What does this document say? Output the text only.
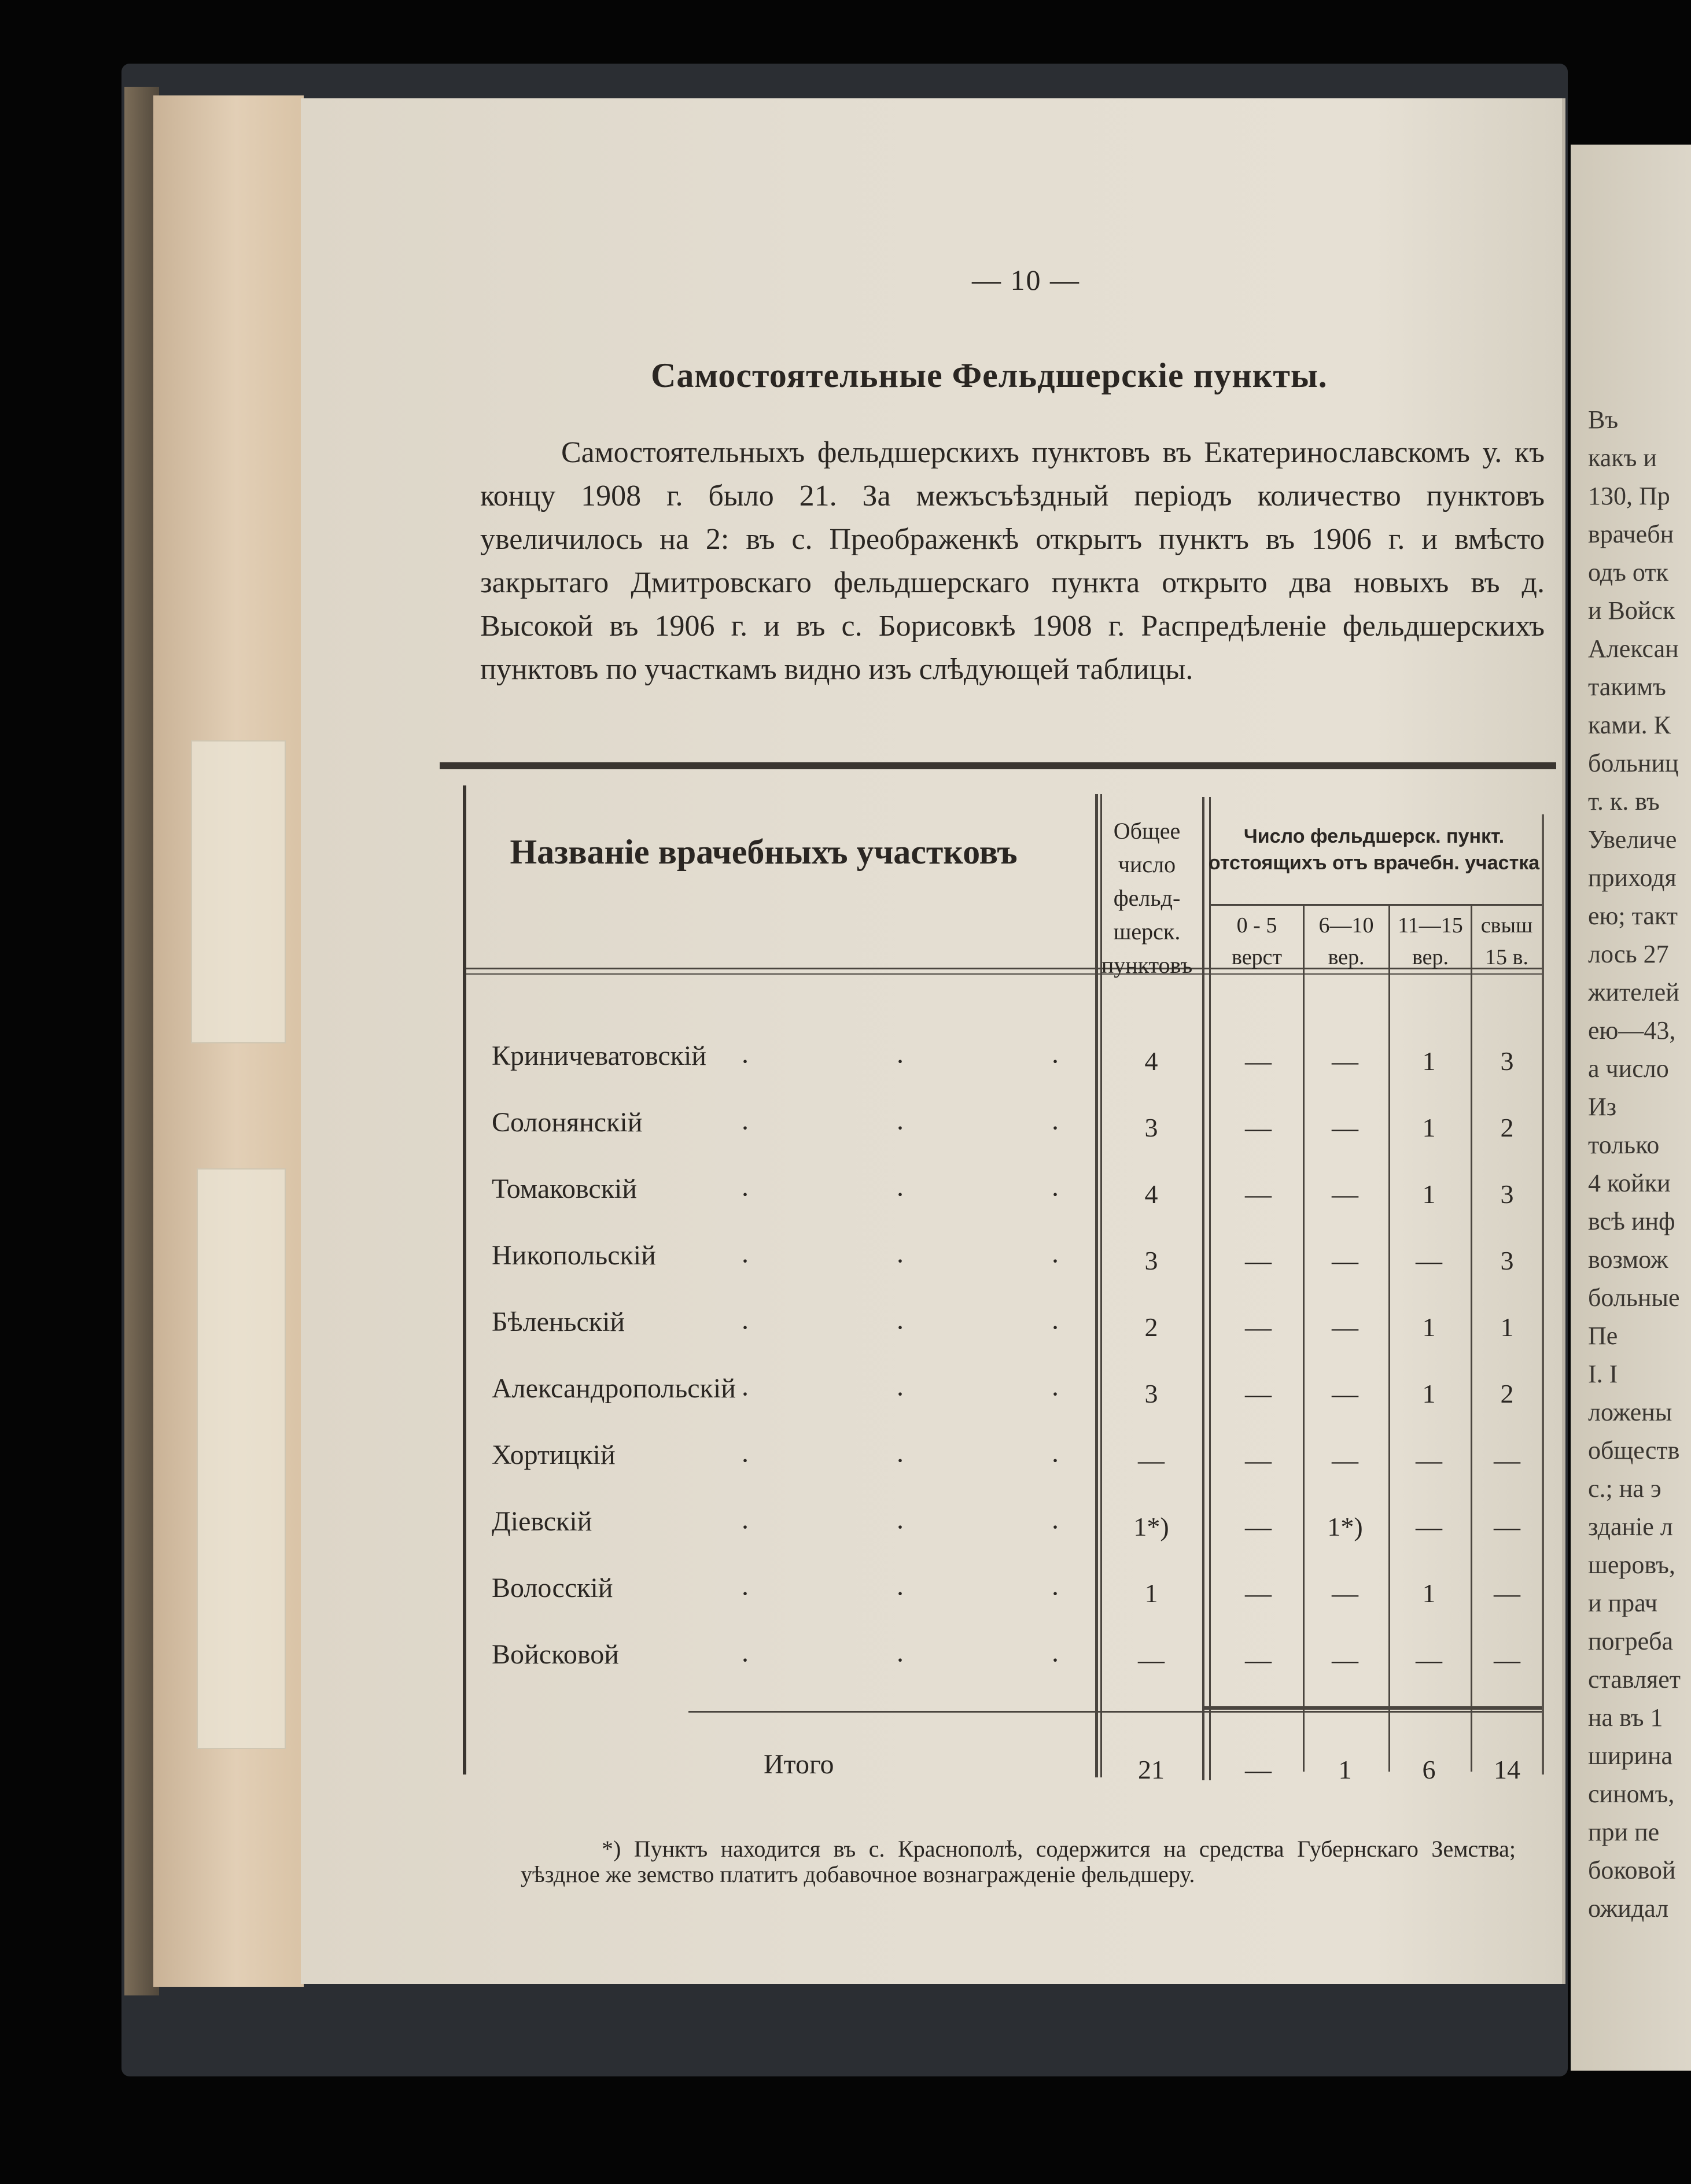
Въ
какъ и
130, Пр
врачебн
одъ отк
и Войск
Алексан
такимъ
ками. К
больниц
т. к. въ
Увеличе
приходя
ею; такт
лось 27
жителей
ею—43,
а число
Из
только
4 койки
всѣ инф
возмож
больные
Пе
I. I
ложены
обществ
с.; на э
зданiе л
шеровъ,
и прач
погреба
ставляет
на въ 1
ширина
синомъ,
при пе
боковой
ожидал
— 10 —
Самостоятельные Фельдшерскiе пункты.
Самостоятельныхъ фельдшерскихъ пунктовъ въ Екатеринославскомъ у. къ концу 1908 г. было 21. За межъсъѣздный перiодъ количество пунктовъ увеличилось на 2: въ с. Преображенкѣ открытъ пунктъ въ 1906 г. и вмѣсто закрытаго Дмитровскаго фельдшерскаго пункта открыто два новыхъ въ д. Высокой въ 1906 г. и въ с. Борисовкѣ 1908 г. Распредѣленiе фельдшерскихъ пунктовъ по участкамъ видно изъ слѣдующей таблицы.
Названiе врачебныхъ участковъ
Общее число фельд-шерск. пунктовъ
Число фельдшерск. пункт. отстоящихъ отъ врачебн. участка
0 - 5 верст
6—10 вер.
11—15 вер.
свыш 15 в.
Криничеватовскiй · · · 4	—	—	1	3
Солонянскiй	· · · 3	—	—	1	2
Томаковскiй	· · · 4	—	—	1	3
Никопольскiй	· · · 3	—	—	—	3
Бѣленьскiй	· · · 2	—	—	1	1
Александропольскiй · · · 3	—	—	1	2
Хортицкiй	· · · —	—	—	—	—
Дiевскiй	· · · 1*)	—	1*)	—	—
Волосскiй	· · · 1	—	—	1	—
Войсковой	· · · —	—	—	—	—
Итого	21	—	1	6	14
*) Пунктъ находится въ с. Краснополѣ, содержится на средства Губернскаго Земства; уѣздное же земство платитъ добавочное вознагражденiе фельдшеру.
